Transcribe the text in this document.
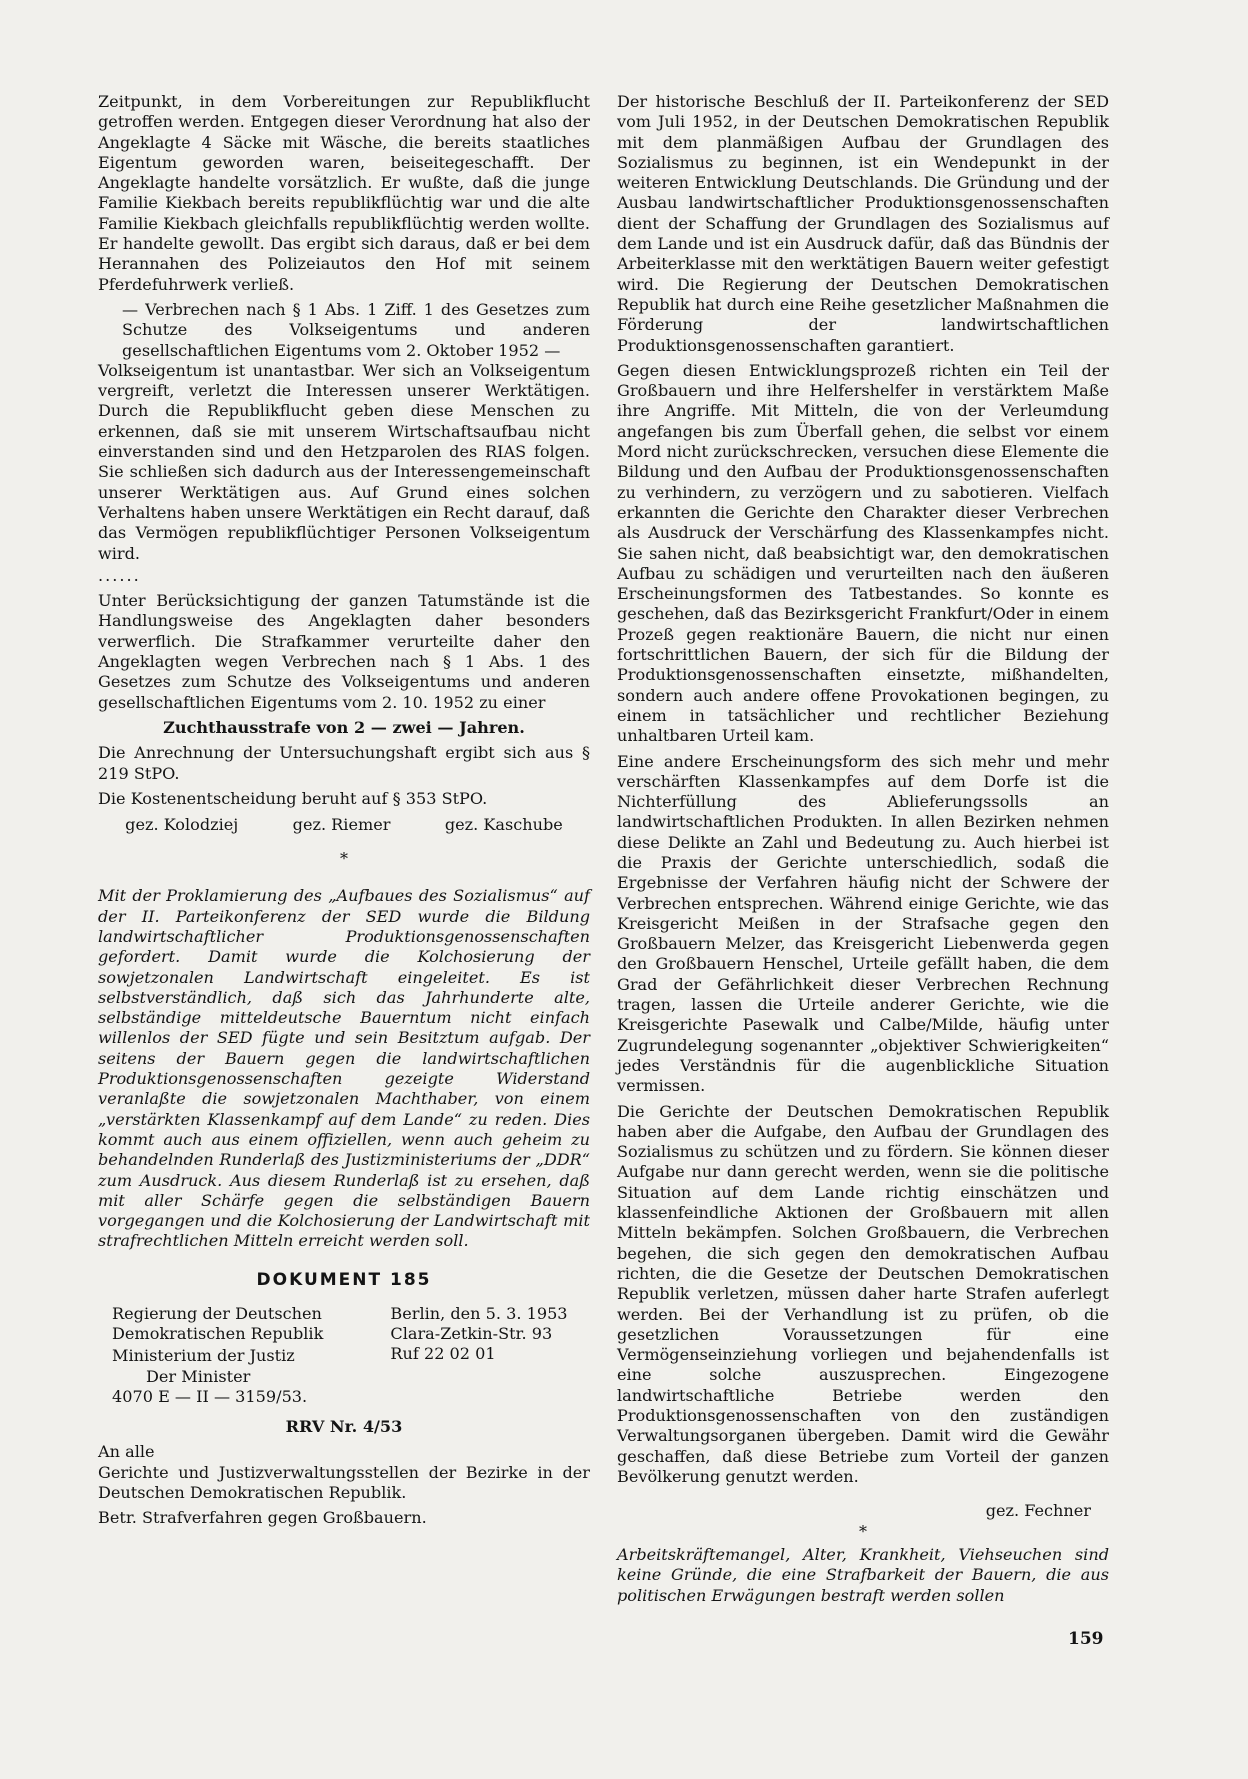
Zeitpunkt, in dem Vorbereitungen zur Republikflucht getroffen werden. Entgegen dieser Verordnung hat also der Angeklagte 4 Säcke mit Wäsche, die bereits staatliches Eigentum geworden waren, beiseitegeschafft. Der Angeklagte handelte vorsätzlich. Er wußte, daß die junge Familie Kiekbach bereits republikflüchtig war und die alte Familie Kiekbach gleichfalls republikflüchtig werden wollte. Er handelte gewollt. Das ergibt sich daraus, daß er bei dem Herannahen des Polizeiautos den Hof mit seinem Pferdefuhrwerk verließ.

— Verbrechen nach § 1 Abs. 1 Ziff. 1 des Gesetzes zum Schutze des Volkseigentums und anderen gesellschaftlichen Eigentums vom 2. Oktober 1952 —

Volkseigentum ist unantastbar. Wer sich an Volkseigentum vergreift, verletzt die Interessen unserer Werktätigen. Durch die Republikflucht geben diese Menschen zu erkennen, daß sie mit unserem Wirtschaftsaufbau nicht einverstanden sind und den Hetzparolen des RIAS folgen. Sie schließen sich dadurch aus der Interessengemeinschaft unserer Werktätigen aus. Auf Grund eines solchen Verhaltens haben unsere Werktätigen ein Recht darauf, daß das Vermögen republikflüchtiger Personen Volkseigentum wird.

......

Unter Berücksichtigung der ganzen Tatumstände ist die Handlungsweise des Angeklagten daher besonders verwerflich. Die Strafkammer verurteilte daher den Angeklagten wegen Verbrechen nach § 1 Abs. 1 des Gesetzes zum Schutze des Volkseigentums und anderen gesellschaftlichen Eigentums vom 2. 10. 1952 zu einer

Zuchthausstrafe von 2 — zwei — Jahren.

Die Anrechnung der Untersuchungshaft ergibt sich aus § 219 StPO.

Die Kostenentscheidung beruht auf § 353 StPO.

gez. Kolodziej	gez. Riemer	gez. Kaschube
*

Mit der Proklamierung des „Aufbaues des Sozialismus“ auf der II. Parteikonferenz der SED wurde die Bildung landwirtschaftlicher Produktionsgenossenschaften gefordert. Damit wurde die Kolchosierung der sowjetzonalen Landwirtschaft eingeleitet. Es ist selbstverständlich, daß sich das Jahrhunderte alte, selbständige mitteldeutsche Bauerntum nicht einfach willenlos der SED fügte und sein Besitztum aufgab. Der seitens der Bauern gegen die landwirtschaftlichen Produktionsgenossenschaften gezeigte Widerstand veranlaßte die sowjetzonalen Machthaber, von einem „verstärkten Klassenkampf auf dem Lande“ zu reden. Dies kommt auch aus einem offiziellen, wenn auch geheim zu behandelnden Runderlaß des Justizministeriums der „DDR“ zum Ausdruck. Aus diesem Runderlaß ist zu ersehen, daß mit aller Schärfe gegen die selbständigen Bauern vorgegangen und die Kolchosierung der Landwirtschaft mit strafrechtlichen Mitteln erreicht werden soll.

DOKUMENT 185
Regierung der Deutschen
Demokratischen Republik
Ministerium der Justiz
Der Minister
4070 E — II — 3159/53.
Berlin, den 5. 3. 1953
Clara-Zetkin-Str. 93
Ruf 22 02 01
RRV Nr. 4/53

An alle

Gerichte und Justizverwaltungsstellen der Bezirke in der Deutschen Demokratischen Republik.

Betr. Strafverfahren gegen Großbauern.

Der historische Beschluß der II. Parteikonferenz der SED vom Juli 1952, in der Deutschen Demokratischen Republik mit dem planmäßigen Aufbau der Grundlagen des Sozialismus zu beginnen, ist ein Wendepunkt in der weiteren Entwicklung Deutschlands. Die Gründung und der Ausbau landwirtschaftlicher Produktionsgenossenschaften dient der Schaffung der Grundlagen des Sozialismus auf dem Lande und ist ein Ausdruck dafür, daß das Bündnis der Arbeiterklasse mit den werktätigen Bauern weiter gefestigt wird. Die Regierung der Deutschen Demokratischen Republik hat durch eine Reihe gesetzlicher Maßnahmen die Förderung der landwirtschaftlichen Produktionsgenossenschaften garantiert.

Gegen diesen Entwicklungsprozeß richten ein Teil der Großbauern und ihre Helfershelfer in verstärktem Maße ihre Angriffe. Mit Mitteln, die von der Verleumdung angefangen bis zum Überfall gehen, die selbst vor einem Mord nicht zurückschrecken, versuchen diese Elemente die Bildung und den Aufbau der Produktionsgenossenschaften zu verhindern, zu verzögern und zu sabotieren. Vielfach erkannten die Gerichte den Charakter dieser Verbrechen als Ausdruck der Verschärfung des Klassenkampfes nicht. Sie sahen nicht, daß beabsichtigt war, den demokratischen Aufbau zu schädigen und verurteilten nach den äußeren Erscheinungsformen des Tatbestandes. So konnte es geschehen, daß das Bezirksgericht Frankfurt/Oder in einem Prozeß gegen reaktionäre Bauern, die nicht nur einen fortschrittlichen Bauern, der sich für die Bildung der Produktionsgenossenschaften einsetzte, mißhandelten, sondern auch andere offene Provokationen begingen, zu einem in tatsächlicher und rechtlicher Beziehung unhaltbaren Urteil kam.

Eine andere Erscheinungsform des sich mehr und mehr verschärften Klassenkampfes auf dem Dorfe ist die Nichterfüllung des Ablieferungssolls an landwirtschaftlichen Produkten. In allen Bezirken nehmen diese Delikte an Zahl und Bedeutung zu. Auch hierbei ist die Praxis der Gerichte unterschiedlich, sodaß die Ergebnisse der Verfahren häufig nicht der Schwere der Verbrechen entsprechen. Während einige Gerichte, wie das Kreisgericht Meißen in der Strafsache gegen den Großbauern Melzer, das Kreisgericht Liebenwerda gegen den Großbauern Henschel, Urteile gefällt haben, die dem Grad der Gefährlichkeit dieser Verbrechen Rechnung tragen, lassen die Urteile anderer Gerichte, wie die Kreisgerichte Pasewalk und Calbe/Milde, häufig unter Zugrundelegung sogenannter „objektiver Schwierigkeiten“ jedes Verständnis für die augenblickliche Situation vermissen.

Die Gerichte der Deutschen Demokratischen Republik haben aber die Aufgabe, den Aufbau der Grundlagen des Sozialismus zu schützen und zu fördern. Sie können dieser Aufgabe nur dann gerecht werden, wenn sie die politische Situation auf dem Lande richtig einschätzen und klassenfeindliche Aktionen der Großbauern mit allen Mitteln bekämpfen. Solchen Großbauern, die Verbrechen begehen, die sich gegen den demokratischen Aufbau richten, die die Gesetze der Deutschen Demokratischen Republik verletzen, müssen daher harte Strafen auferlegt werden. Bei der Verhandlung ist zu prüfen, ob die gesetzlichen Voraussetzungen für eine Vermögenseinziehung vorliegen und bejahendenfalls ist eine solche auszusprechen. Eingezogene landwirtschaftliche Betriebe werden den Produktionsgenossenschaften von den zuständigen Verwaltungsorganen übergeben. Damit wird die Gewähr geschaffen, daß diese Betriebe zum Vorteil der ganzen Bevölkerung genutzt werden.

gez. Fechner
*

Arbeitskräftemangel, Alter, Krankheit, Viehseuchen sind keine Gründe, die eine Strafbarkeit der Bauern, die aus politischen Erwägungen bestraft werden sollen

159
